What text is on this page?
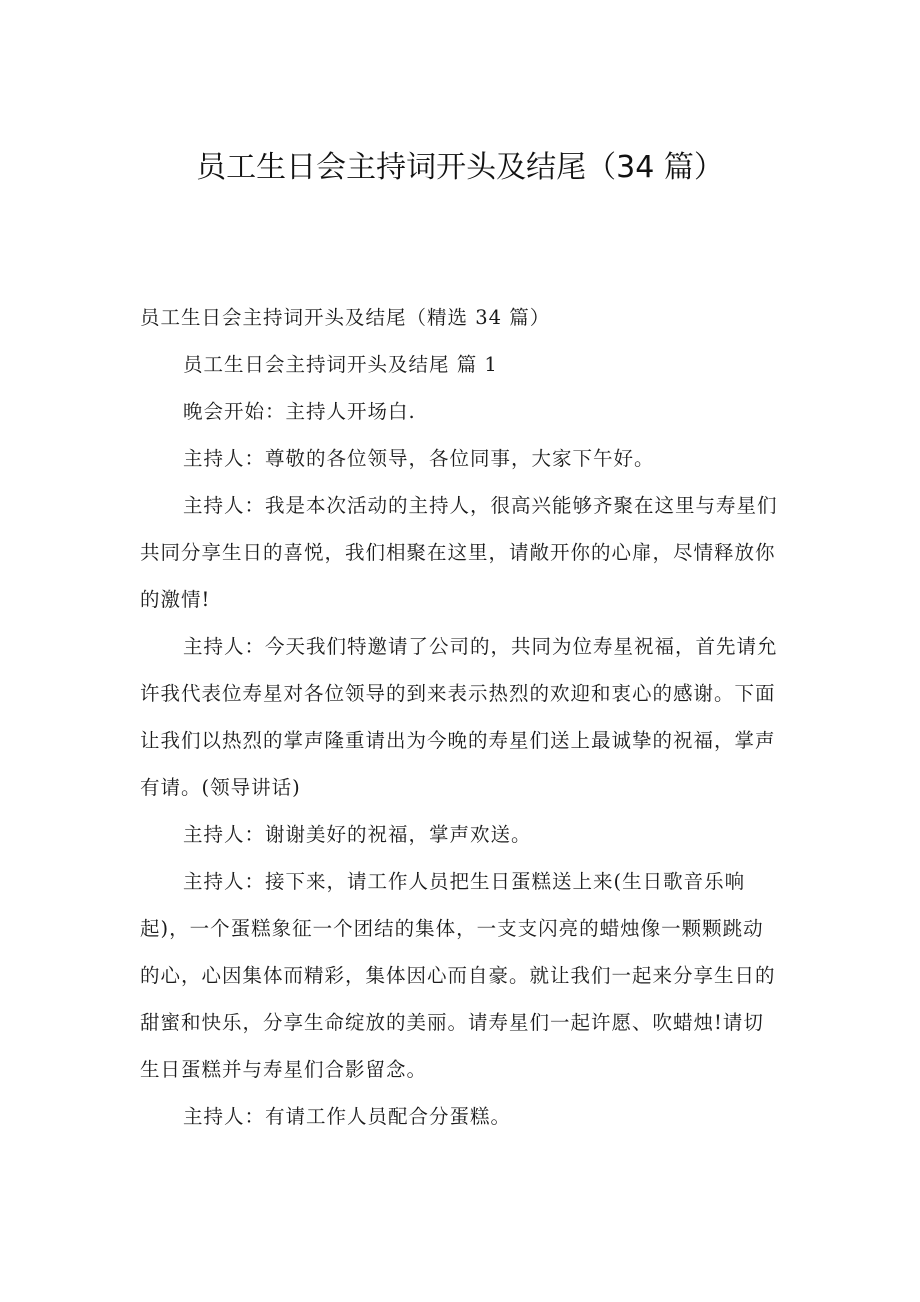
员工生日会主持词开头及结尾（34 篇）

员工生日会主持词开头及结尾（精选 34 篇）

员工生日会主持词开头及结尾 篇 1

晚会开始：主持人开场白.

主持人：尊敬的各位领导，各位同事，大家下午好。

主持人：我是本次活动的主持人，很高兴能够齐聚在这里与寿星们共同分享生日的喜悦，我们相聚在这里，请敞开你的心扉，尽情释放你的激情!

主持人：今天我们特邀请了公司的，共同为位寿星祝福，首先请允许我代表位寿星对各位领导的到来表示热烈的欢迎和衷心的感谢。下面让我们以热烈的掌声隆重请出为今晚的寿星们送上最诚挚的祝福，掌声有请。(领导讲话)

主持人：谢谢美好的祝福，掌声欢送。

主持人：接下来，请工作人员把生日蛋糕送上来(生日歌音乐响起)，一个蛋糕象征一个团结的集体，一支支闪亮的蜡烛像一颗颗跳动的心，心因集体而精彩，集体因心而自豪。就让我们一起来分享生日的甜蜜和快乐，分享生命绽放的美丽。请寿星们一起许愿、吹蜡烛!请切生日蛋糕并与寿星们合影留念。

主持人：有请工作人员配合分蛋糕。
